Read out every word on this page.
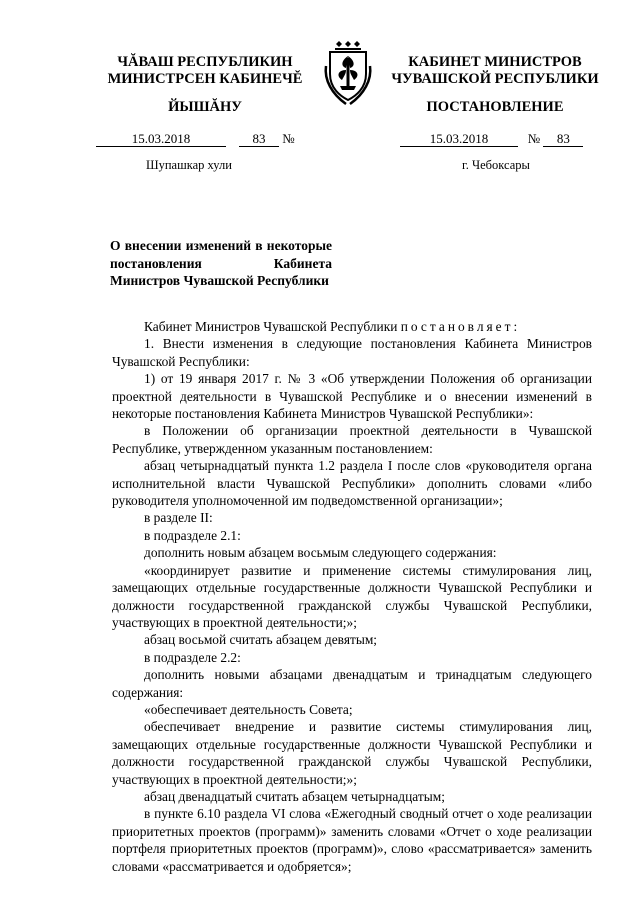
ЧĂВАШ РЕСПУБЛИКИН
МИНИСТРСЕН КАБИНЕЧĔ
ЙЫШĂНУ
КАБИНЕТ МИНИСТРОВ
ЧУВАШСКОЙ РЕСПУБЛИКИ
ПОСТАНОВЛЕНИЕ
15.03.2018	83 №	15.03.2018	№ 83
Шупашкар хули	г. Чебоксары
О внесении изменений в некоторые постановления Кабинета Министров Чувашской Республики

Кабинет Министров Чувашской Республики постановляет:

1. Внести изменения в следующие постановления Кабинета Министров Чувашской Республики:

1) от 19 января 2017 г. № 3 «Об утверждении Положения об организации проектной деятельности в Чувашской Республике и о внесении изменений в некоторые постановления Кабинета Министров Чувашской Республики»:

в Положении об организации проектной деятельности в Чувашской Республике, утвержденном указанным постановлением:

абзац четырнадцатый пункта 1.2 раздела I после слов «руководителя органа исполнительной власти Чувашской Республики» дополнить словами «либо руководителя уполномоченной им подведомственной организации»;

в разделе II:

в подразделе 2.1:

дополнить новым абзацем восьмым следующего содержания:

«координирует развитие и применение системы стимулирования лиц, замещающих отдельные государственные должности Чувашской Республики и должности государственной гражданской службы Чувашской Республики, участвующих в проектной деятельности;»;

абзац восьмой считать абзацем девятым;

в подразделе 2.2:

дополнить новыми абзацами двенадцатым и тринадцатым следующего содержания:

«обеспечивает деятельность Совета;

обеспечивает внедрение и развитие системы стимулирования лиц, замещающих отдельные государственные должности Чувашской Республики и должности государственной гражданской службы Чувашской Республики, участвующих в проектной деятельности;»;

абзац двенадцатый считать абзацем четырнадцатым;

в пункте 6.10 раздела VI слова «Ежегодный сводный отчет о ходе реализации приоритетных проектов (программ)» заменить словами «Отчет о ходе реализации портфеля приоритетных проектов (программ)», слово «рассматривается» заменить словами «рассматривается и одобряется»;
